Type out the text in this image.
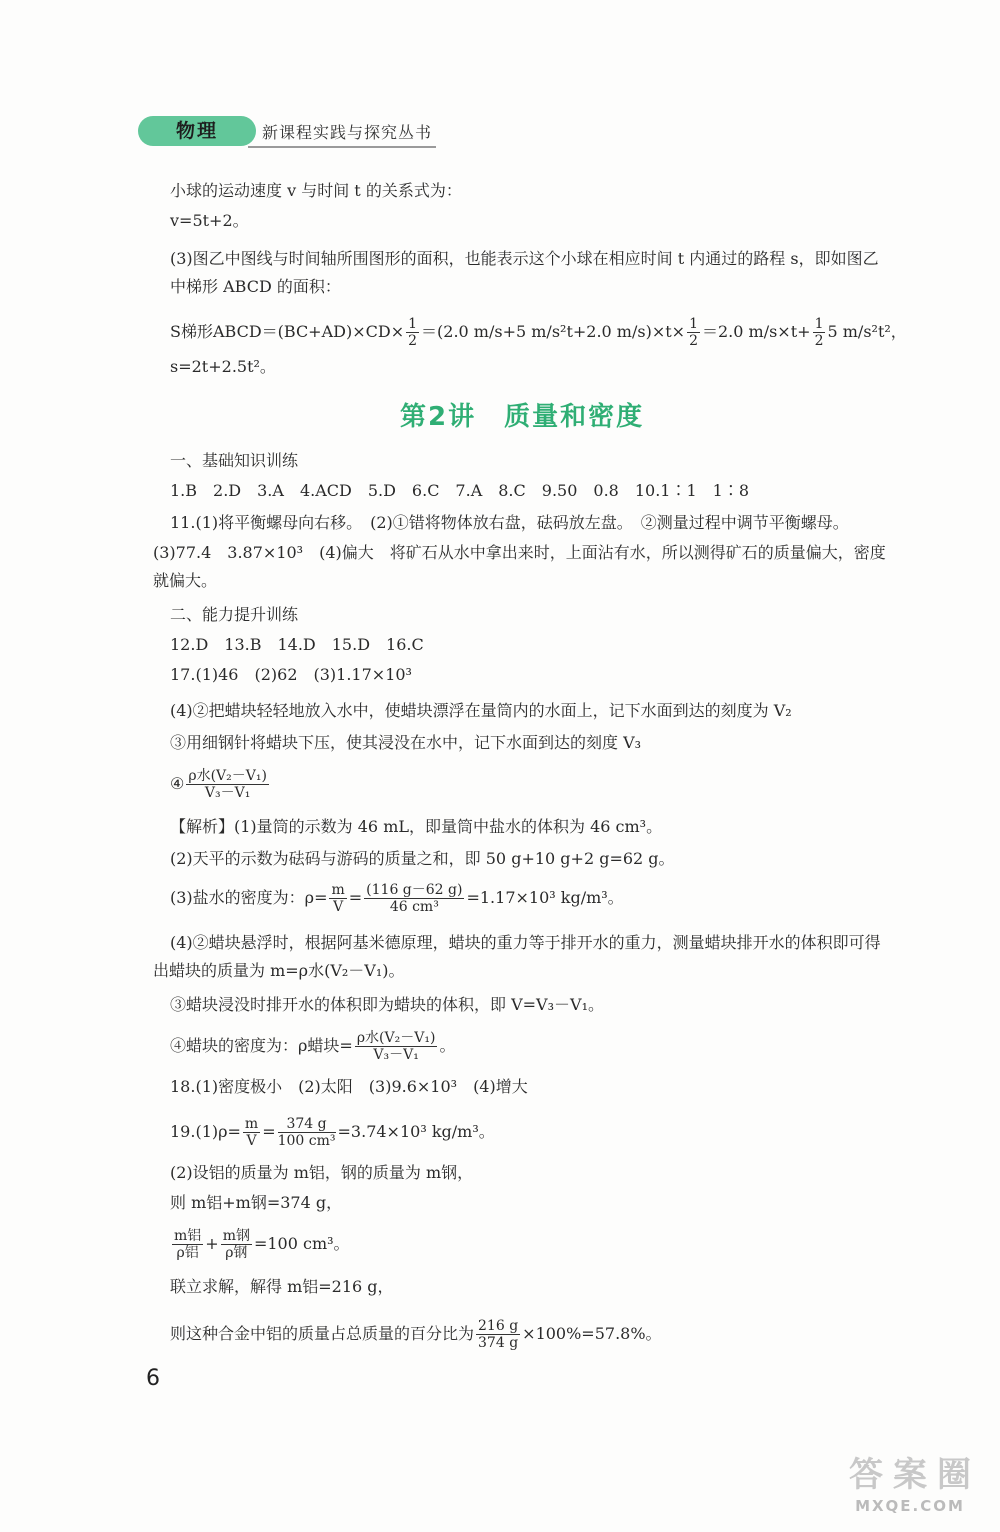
物理	新课程实践与探究丛书
小球的运动速度 v 与时间 t 的关系式为：
v=5t+2。
(3)图乙中图线与时间轴所围图形的面积，也能表示这个小球在相应时间 t 内通过的路程 s，即如图乙
中梯形 ABCD 的面积：
S梯形ABCD＝(BC+AD)×CD× $\frac{1}{2} =(2.0$ m/s+5 m/s²t+2.0 $m/s)\times t\times \frac{1}{2} =2.0$ $m/s\times t+ \frac{1}{2} 5$ m/s²t²，
s=2t+2.5t²。
第2讲　质量和密度
一、基础知识训练
1.B　2.D　3.A　4.ACD　5.D　6.C　7.A　8.C　9.50　0.8　10.1∶1　1∶8
11.(1)将平衡螺母向右移。　(2)①错将物体放右盘，砝码放左盘。　②测量过程中调节平衡螺母。
(3)77.4　3.87×10³　(4)偏大　将矿石从水中拿出来时，上面沾有水，所以测得矿石的质量偏大，密度
就偏大。
二、能力提升训练
12.D　13.B　14.D　15.D　16.C
17.(1)46　(2)62　(3)1.17×10³
(4)②把蜡块轻轻地放入水中，使蜡块漂浮在量筒内的水面上，记下水面到达的刻度为 V₂
③用细钢针将蜡块下压，使其浸没在水中，记下水面到达的刻度 V₃
④ $\frac{\text{ρ水(V₂－V₁)}}{\text{V₃－V₁}}$
【解析】(1)量筒的示数为 46 mL，即量筒中盐水的体积为 46 cm³。
(2)天平的示数为砝码与游码的质量之和，即 50 g+10 g+2 g=62 g。
(3)盐水的密度为：$\rho= \frac{m}{V} = \frac{(116 g-62 g)}{\text{46 cm³}} =1.17\times 10^3$ kg/m³。
(4)②蜡块悬浮时，根据阿基米德原理，蜡块的重力等于排开水的重力，测量蜡块排开水的体积即可得
出蜡块的质量为 m=ρ水(V₂－V₁)。
③蜡块浸没时排开水的体积即为蜡块的体积，即 V=V₃－V₁。
④蜡块的密度为：ρ蜡块= $\frac{\text{ρ水(V₂－V₁)}}{\text{V₃－V₁}}$ 。
18.(1)密度极小　(2)太阳　(3)9.6×10³　(4)增大
$19.(1)\rho= \frac{m}{V} = \frac{374 g}{\text{100 cm³}} =3.74\times 10^3$ kg/m³。
(2)设铝的质量为 m铝，钢的质量为 m钢，
则 m铝+m钢=374 g，
$\frac{\text{m铝}}{\text{ρ铝}} + \frac{\text{m钢}}{\text{ρ钢}} =100$ cm³。
联立求解，解得 m铝=216 g，
则这种合金中铝的质量占总质量的百分比为 $\frac{216 g}{374 g} \times 100\%=57.8\%$。
6
答 案 圈
MXQE.COM
